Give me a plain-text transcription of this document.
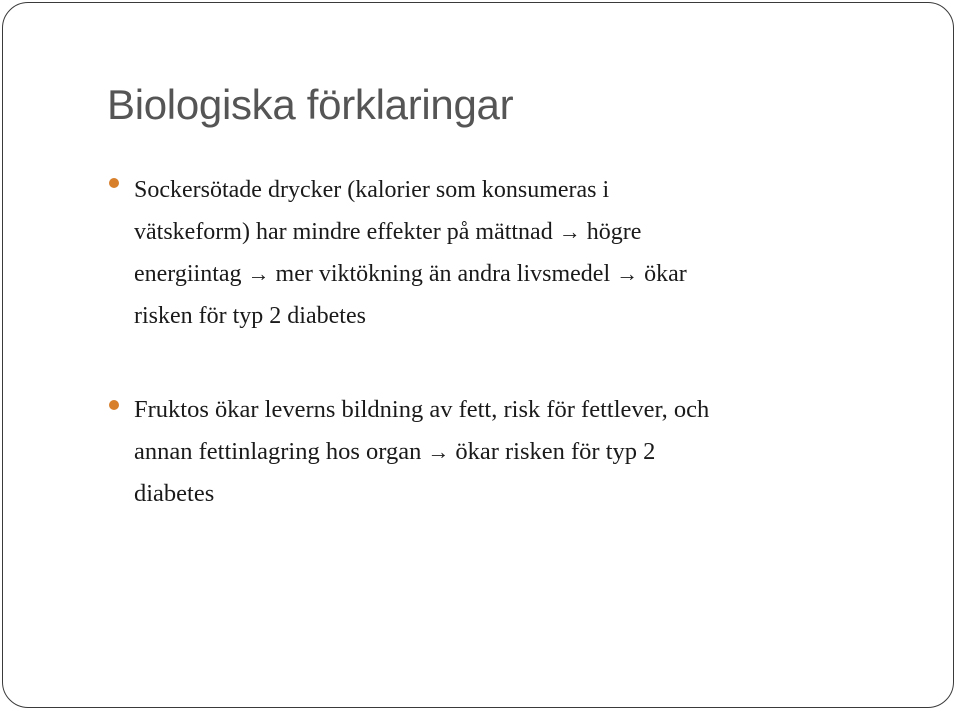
Biologiska förklaringar
Sockersötade drycker (kalorier som konsumeras i
vätskeform) har mindre effekter på mättnad → högre
energiintag → mer viktökning än andra livsmedel → ökar
risken för typ 2 diabetes
Fruktos ökar leverns bildning av fett, risk för fettlever, och
annan fettinlagring hos organ → ökar risken för typ 2
diabetes
